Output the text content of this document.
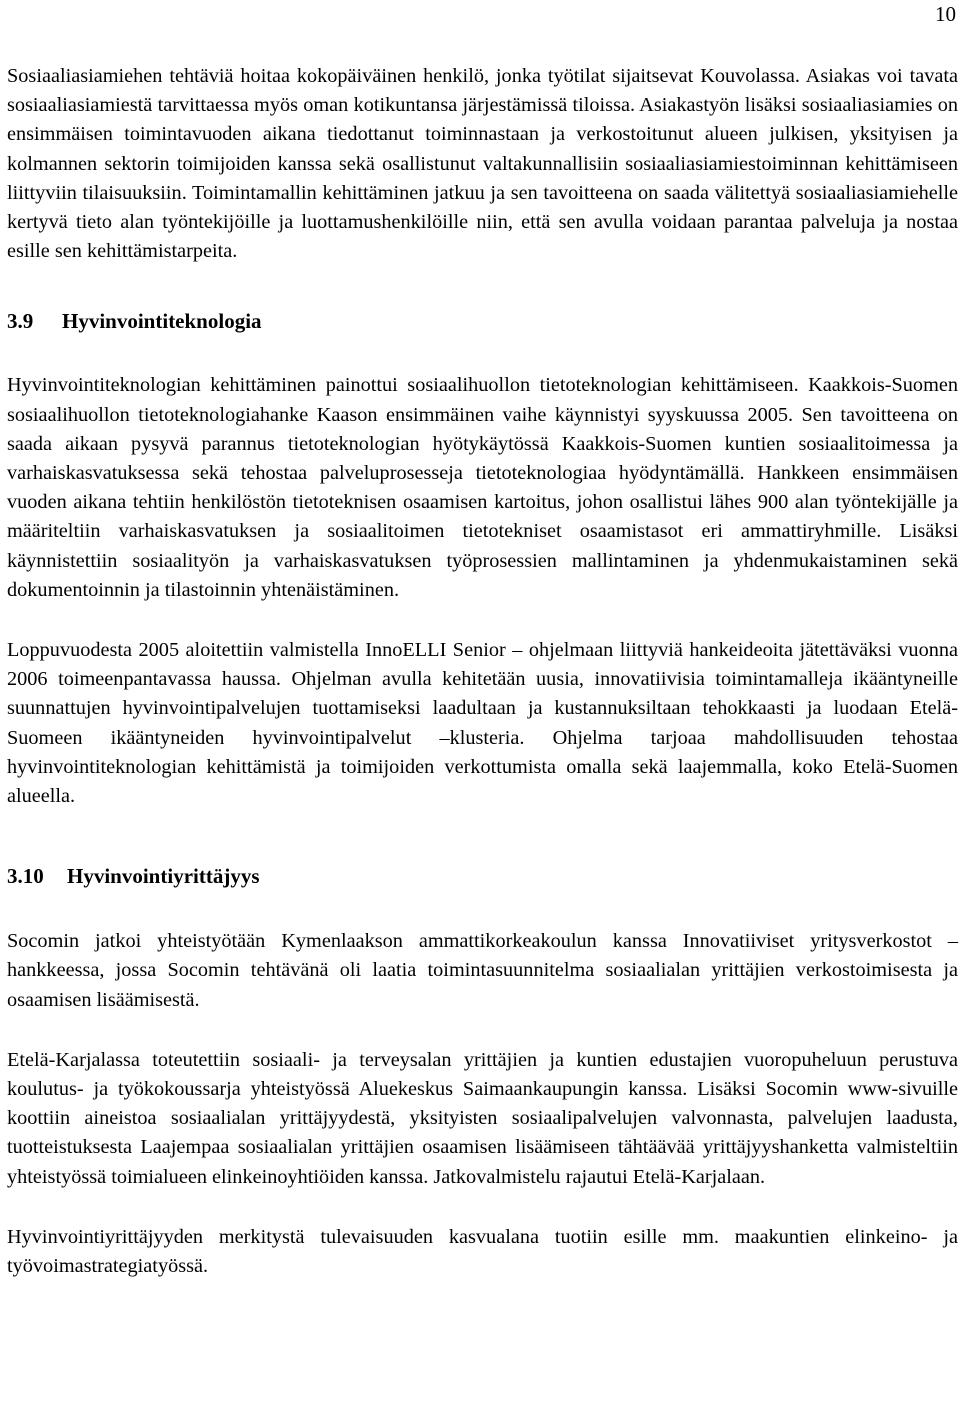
10

Sosiaaliasiamiehen tehtäviä hoitaa kokopäiväinen henkilö, jonka työtilat sijaitsevat Kouvolassa. Asiakas voi tavata sosiaaliasiamiestä tarvittaessa myös oman kotikuntansa järjestämissä tiloissa. Asiakastyön lisäksi sosiaaliasiamies on ensimmäisen toimintavuoden aikana tiedottanut toiminnastaan ja verkostoitunut alueen julkisen, yksityisen ja kolmannen sektorin toimijoiden kanssa sekä osallistunut valtakunnallisiin sosiaaliasiamiestoiminnan kehittämiseen liittyviin tilaisuuksiin. Toimintamallin kehittäminen jatkuu ja sen tavoitteena on saada välitettyä sosiaaliasiamiehelle kertyvä tieto alan työntekijöille ja luottamushenkilöille niin, että sen avulla voidaan parantaa palveluja ja nostaa esille sen kehittämistarpeita.

3.9	Hyvinvointiteknologia

Hyvinvointiteknologian kehittäminen painottui sosiaalihuollon tietoteknologian kehittämiseen. Kaakkois-Suomen sosiaalihuollon tietoteknologiahanke Kaason ensimmäinen vaihe käynnistyi syyskuussa 2005. Sen tavoitteena on saada aikaan pysyvä parannus tietoteknologian hyötykäytössä Kaakkois-Suomen kuntien sosiaalitoimessa ja varhaiskasvatuksessa sekä tehostaa palveluprosesseja tietoteknologiaa hyödyntämällä. Hankkeen ensimmäisen vuoden aikana tehtiin henkilöstön tietoteknisen osaamisen kartoitus, johon osallistui lähes 900 alan työntekijälle ja määriteltiin varhaiskasvatuksen ja sosiaalitoimen tietotekniset osaamistasot eri ammattiryhmille. Lisäksi käynnistettiin sosiaalityön ja varhaiskasvatuksen työprosessien mallintaminen ja yhdenmukaistaminen sekä dokumentoinnin ja tilastoinnin yhtenäistäminen.

Loppuvuodesta 2005 aloitettiin valmistella InnoELLI Senior – ohjelmaan liittyviä hankeideoita jätettäväksi vuonna 2006 toimeenpantavassa haussa. Ohjelman avulla kehitetään uusia, innovatiivisia toimintamalleja ikääntyneille suunnattujen hyvinvointipalvelujen tuottamiseksi laadultaan ja kustannuksiltaan tehokkaasti ja luodaan Etelä-Suomeen ikääntyneiden hyvinvointipalvelut –klusteria. Ohjelma tarjoaa mahdollisuuden tehostaa hyvinvointiteknologian kehittämistä ja toimijoiden verkottumista omalla sekä laajemmalla, koko Etelä-Suomen alueella.

3.10	Hyvinvointiyrittäjyys

Socomin jatkoi yhteistyötään Kymenlaakson ammattikorkeakoulun kanssa Innovatiiviset yritysverkostot –hankkeessa, jossa Socomin tehtävänä oli laatia toimintasuunnitelma sosiaalialan yrittäjien verkostoimisesta ja osaamisen lisäämisestä.

Etelä-Karjalassa toteutettiin sosiaali- ja terveysalan yrittäjien ja kuntien edustajien vuoropuheluun perustuva koulutus- ja työkokoussarja yhteistyössä Aluekeskus Saimaankaupungin kanssa. Lisäksi Socomin www-sivuille koottiin aineistoa sosiaalialan yrittäjyydestä, yksityisten sosiaalipalvelujen valvonnasta, palvelujen laadusta, tuotteistuksesta Laajempaa sosiaalialan yrittäjien osaamisen lisäämiseen tähtäävää yrittäjyyshanketta valmisteltiin yhteistyössä toimialueen elinkeinoyhtiöiden kanssa. Jatkovalmistelu rajautui Etelä-Karjalaan.

Hyvinvointiyrittäjyyden merkitystä tulevaisuuden kasvualana tuotiin esille mm. maakuntien elinkeino- ja työvoimastrategiatyössä.
